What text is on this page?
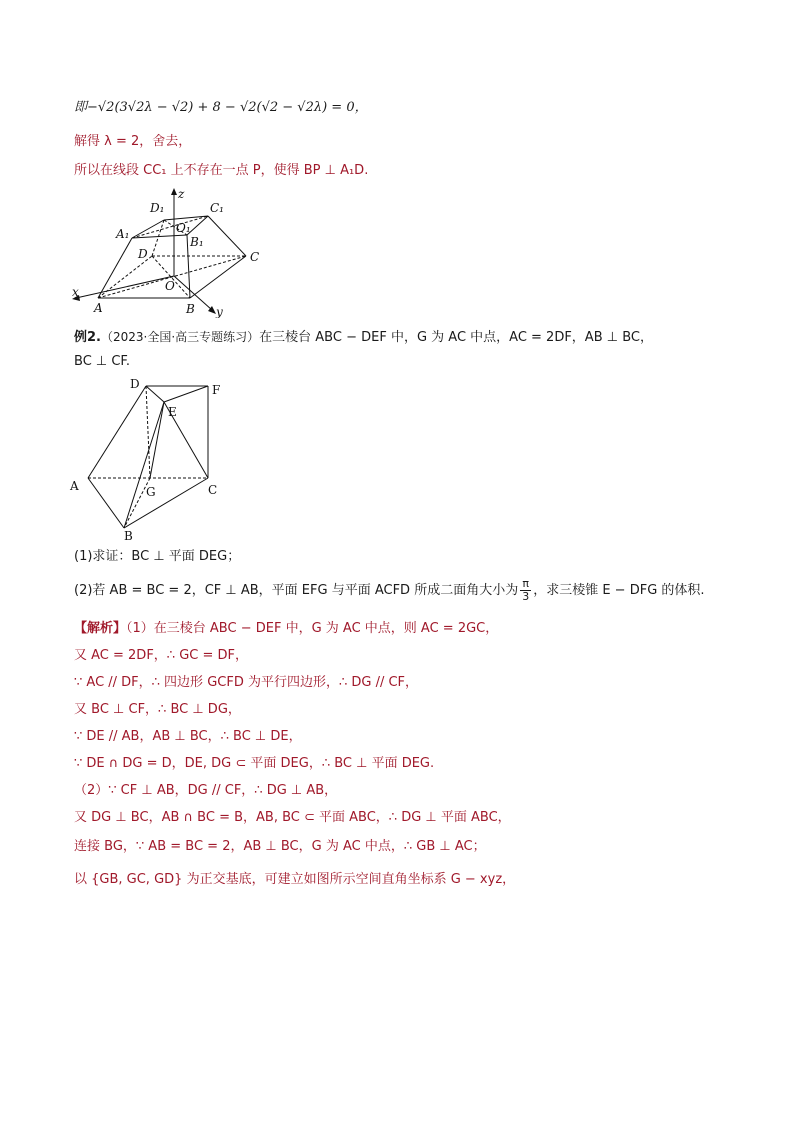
即−√2(3√2λ − √2) + 8 − √2(√2 − √2λ) = 0，
解得 λ = 2，舍去，
所以在线段 CC₁ 上不存在一点 P，使得 BP ⊥ A₁D.
D₁	C₁
A₁
B₁
O₁
D	C
A	B
O
x
y
z
例2.（2023·全国·高三专题练习）在三棱台 ABC − DEF 中，G 为 AC 中点，AC = 2DF，AB ⊥ BC，
BC ⊥ CF.
D
E
F
A	G	C
B
(1)求证：BC ⊥ 平面 DEG；
(2)若 AB = BC = 2，CF ⊥ AB，平面 EFG 与平面 ACFD 所成二面角大小为 $\frac{\pi}{3}$ ，求三棱锥 E − DFG 的体积.
【解析】（1）在三棱台 ABC − DEF 中，G 为 AC 中点，则 AC = 2GC，
又 AC = 2DF，∴ GC = DF，
∵ AC // DF，∴ 四边形 GCFD 为平行四边形，∴ DG // CF，
又 BC ⊥ CF，∴ BC ⊥ DG，
∵ DE // AB，AB ⊥ BC，∴ BC ⊥ DE，
∵ DE ∩ DG = D，DE, DG ⊂ 平面 DEG，∴ BC ⊥ 平面 DEG.
（2）∵ CF ⊥ AB，DG // CF，∴ DG ⊥ AB，
又 DG ⊥ BC，AB ∩ BC = B，AB, BC ⊂ 平面 ABC，∴ DG ⊥ 平面 ABC，
连接 BG，∵ AB = BC = 2，AB ⊥ BC，G 为 AC 中点，∴ GB ⊥ AC；
以 {GB, GC, GD} 为正交基底，可建立如图所示空间直角坐标系 G − xyz，
